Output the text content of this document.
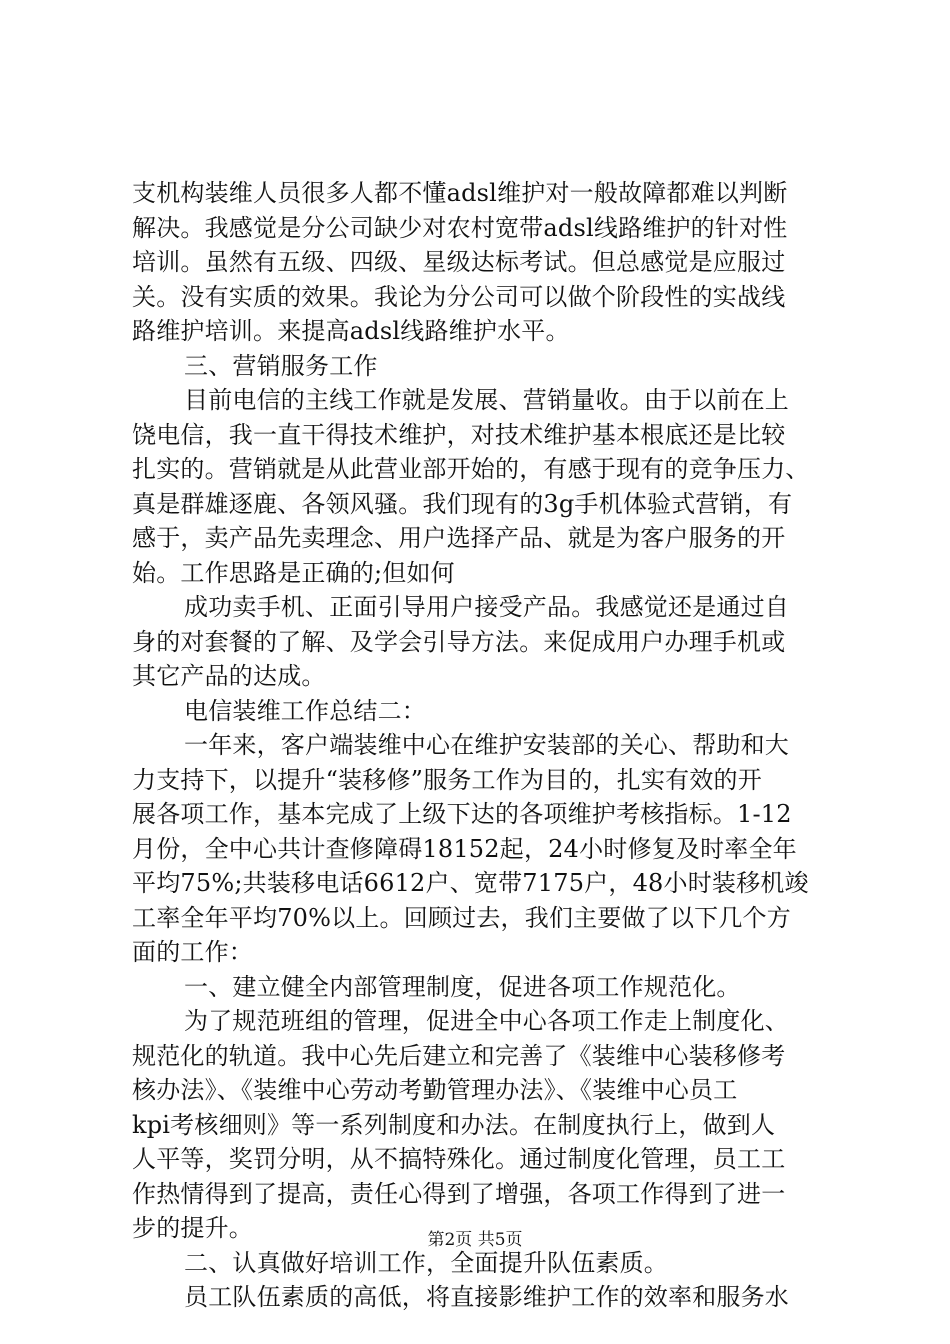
支机构装维人员很多人都不懂adsl维护对一般故障都难以判断
解决。我感觉是分公司缺少对农村宽带adsl线路维护的针对性
培训。虽然有五级、四级、星级达标考试。但总感觉是应服过
关。没有实质的效果。我论为分公司可以做个阶段性的实战线
路维护培训。来提高adsl线路维护水平。
三、营销服务工作
目前电信的主线工作就是发展、营销量收。由于以前在上
饶电信，我一直干得技术维护，对技术维护基本根底还是比较
扎实的。营销就是从此营业部开始的，有感于现有的竞争压力、
真是群雄逐鹿、各领风骚。我们现有的3g手机体验式营销，有
感于，卖产品先卖理念、用户选择产品、就是为客户服务的开
始。工作思路是正确的;但如何
成功卖手机、正面引导用户接受产品。我感觉还是通过自
身的对套餐的了解、及学会引导方法。来促成用户办理手机或
其它产品的达成。
电信装维工作总结二：
一年来，客户端装维中心在维护安装部的关心、帮助和大
力支持下，以提升“装移修”服务工作为目的，扎实有效的开
展各项工作，基本完成了上级下达的各项维护考核指标。1-12
月份，全中心共计查修障碍18152起，24小时修复及时率全年
平均75%;共装移电话6612户、宽带7175户，48小时装移机竣
工率全年平均70%以上。回顾过去，我们主要做了以下几个方
面的工作：
一、建立健全内部管理制度，促进各项工作规范化。
为了规范班组的管理，促进全中心各项工作走上制度化、
规范化的轨道。我中心先后建立和完善了《装维中心装移修考
核办法》、《装维中心劳动考勤管理办法》、《装维中心员工
kpi考核细则》等一系列制度和办法。在制度执行上，做到人
人平等，奖罚分明，从不搞特殊化。通过制度化管理，员工工
作热情得到了提高，责任心得到了增强，各项工作得到了进一
步的提升。
二、认真做好培训工作，全面提升队伍素质。
员工队伍素质的高低，将直接影维护工作的效率和服务水
第2页 共5页
